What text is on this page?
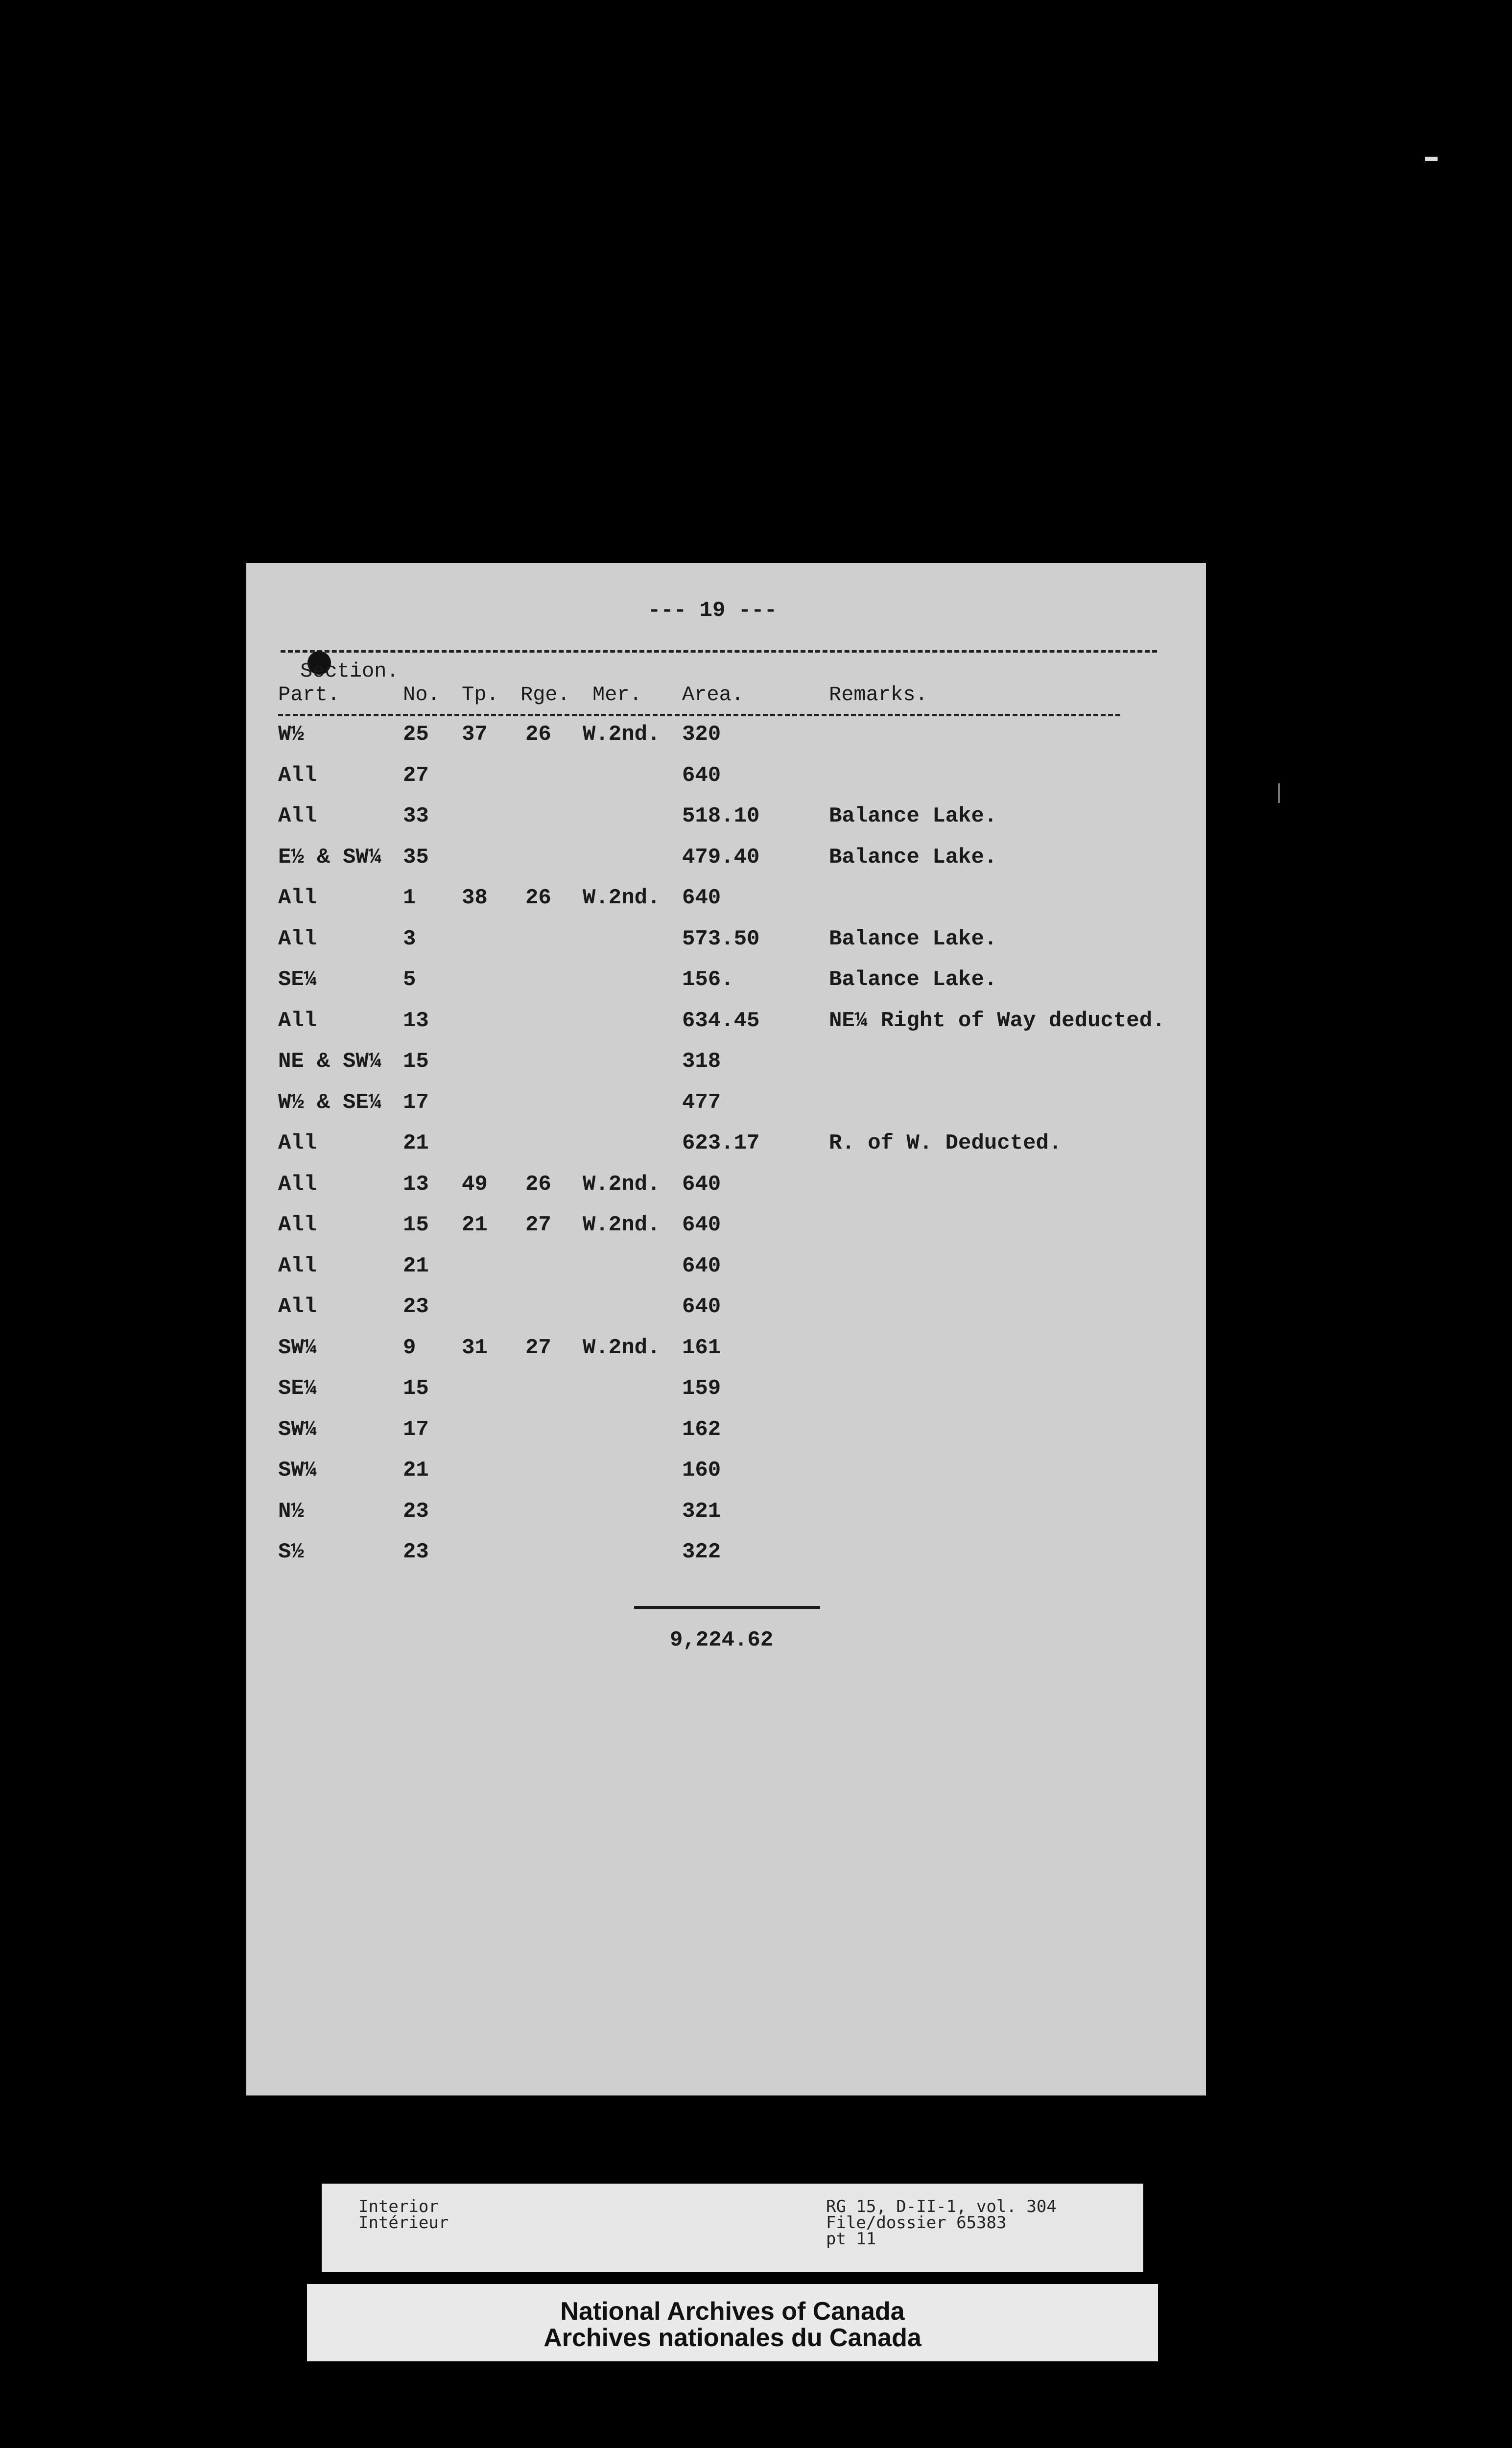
--- 19 ---
Section.
Part.	No. Tp. Rge. Mer. Area.	Remarks.
W½	25 37 26 W.2nd. 320
All	27	640
All	33	518.10	Balance Lake.
E½ & SW¼ 35	479.40	Balance Lake.
All	1 38 26 W.2nd. 640
All	3	573.50	Balance Lake.
SE¼	5	156.	Balance Lake.
All	13	634.45	NE¼ Right of Way deducted.
NE & SW¼ 15	318
W½ & SE¼ 17	477
All	21	623.17	R. of W. Deducted.
All	13 49 26 W.2nd. 640
All	15 21 27 W.2nd. 640
All	21	640
All	23	640
SW¼	9 31 27 W.2nd. 161
SE¼	15	159
SW¼	17	162
SW¼	21	160
N½	23	321
S½	23	322
9,224.62
Interior
Intérieur
RG 15, D-II-1, vol. 304
File/dossier 65383
pt 11
National Archives of Canada
Archives nationales du Canada
